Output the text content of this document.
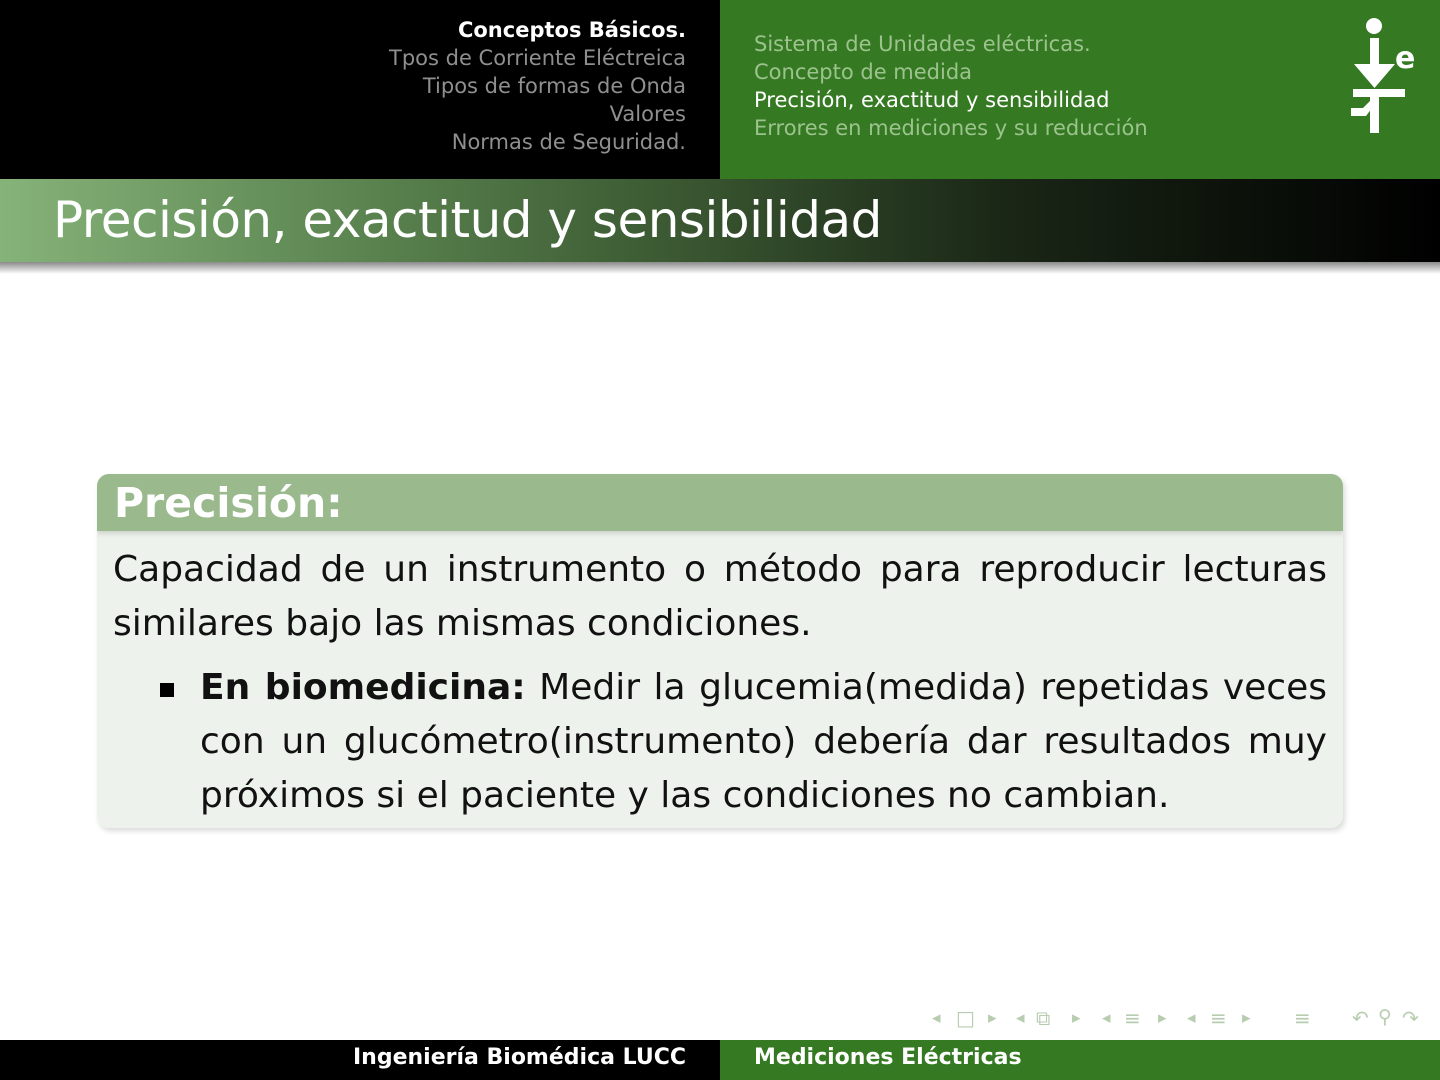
Conceptos Básicos.
Tpos de Corriente Eléctreica
Tipos de formas de Onda
Valores
Normas de Seguridad.
Sistema de Unidades eléctricas.
Concepto de medida
Precisión, exactitud y sensibilidad
Errores en mediciones y su reducción
e
Precisión, exactitud y sensibilidad
Precisión:
Capacidad de un instrumento o método para reproducir lecturas similares bajo las mismas condiciones.
En biomedicina: Medir la glucemia(medida) repetidas veces con un glucómetro(instrumento) debería dar resultados muy próximos si el paciente y las condiciones no cambian.
◂ □ ▸ ◂ ⧉ ▸ ◂ ≡ ▸ ◂ ≡ ▸ ≡ ↶ ⚲ ↷
Ingeniería Biomédica LUCC	Mediciones Eléctricas
